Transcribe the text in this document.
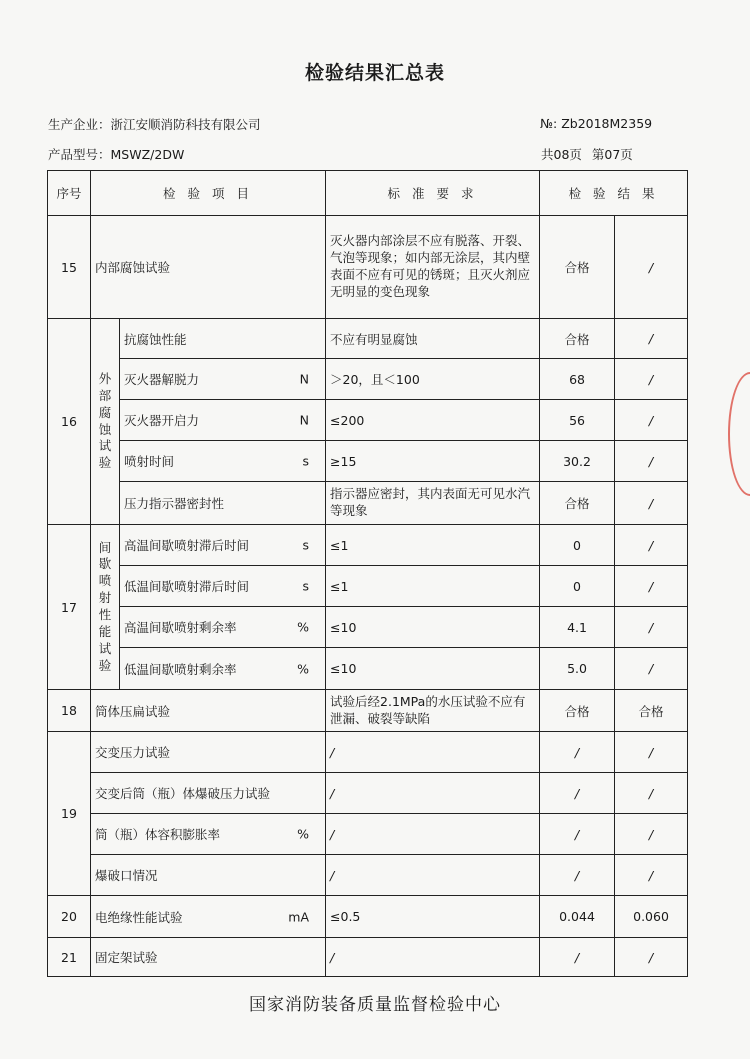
检验结果汇总表
生产企业：浙江安顺消防科技有限公司
产品型号：MSWZ/2DW
№: Zb2018M2359
共08页 第07页
序号	检 验 项 目		标 准 要 求	检 验 结 果	
15	内部腐蚀试验		灭火器内部涂层不应有脱落、开裂、气泡等现象；如内部无涂层，其内壁表面不应有可见的锈斑；且灭火剂应无明显的变色现象	合格	/
16	外部腐蚀试验	抗腐蚀性能	不应有明显腐蚀	合格	/
		灭火器解脱力 N	＞20，且＜100	68	/
		灭火器开启力 N	≤200	56	/
		喷射时间 s	≥15	30.2	/
		压力指示器密封性	指示器应密封，其内表面无可见水汽等现象	合格	/
17	间歇喷射性能试验	高温间歇喷射滞后时间 s	≤1	0	/
		低温间歇喷射滞后时间 s	≤1	0	/
		高温间歇喷射剩余率 %	≤10	4.1	/
		低温间歇喷射剩余率 %	≤10	5.0	/
18	筒体压扁试验		试验后经2.1MPa的水压试验不应有泄漏、破裂等缺陷	合格	合格
19	交变压力试验		/	/	/
	交变后筒（瓶）体爆破压力试验		/	/	/
	筒（瓶）体容积膨胀率 %		/	/	/
	爆破口情况		/	/	/
20	电绝缘性能试验 mA		≤0.5	0.044	0.060
21	固定架试验		/	/	/
国家消防装备质量监督检验中心
